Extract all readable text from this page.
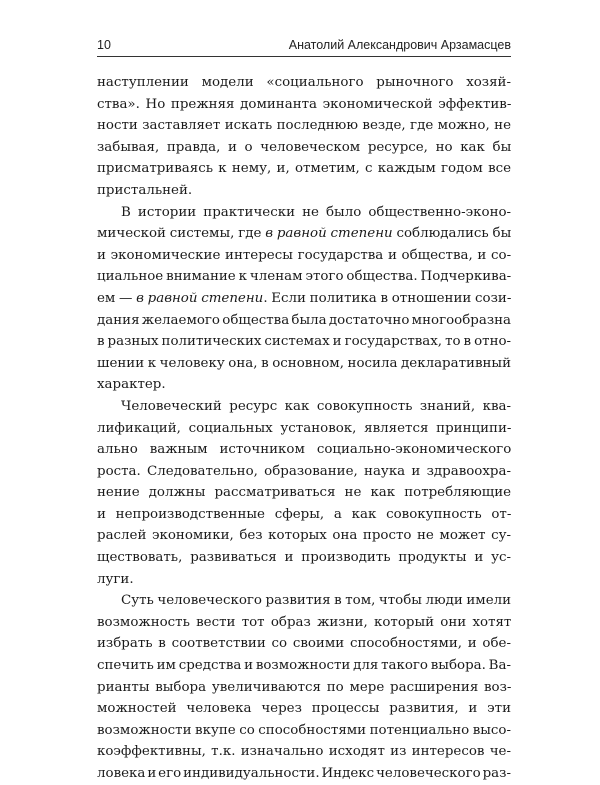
10	Анатолий Александрович Арзамасцев
наступлении модели «социального рыночного хозяй-
ства». Но прежняя доминанта экономической эффектив-
ности заставляет искать последнюю везде, где можно, не
забывая, правда, и о человеческом ресурсе, но как бы
присматриваясь к нему, и, отметим, с каждым годом все
пристальней.
В истории практически не было общественно-эконо-
мической системы, где в равной степени соблюдались бы
и экономические интересы государства и общества, и со-
циальное внимание к членам этого общества. Подчеркива-
ем — в равной степени. Если политика в отношении сози-
дания желаемого общества была достаточно многообразна
в разных политических системах и государствах, то в отно-
шении к человеку она, в основном, носила декларативный
характер.
Человеческий ресурс как совокупность знаний, ква-
лификаций, социальных установок, является принципи-
ально важным источником социально-экономического
роста. Следовательно, образование, наука и здравоохра-
нение должны рассматриваться не как потребляющие
и непроизводственные сферы, а как совокупность от-
раслей экономики, без которых она просто не может су-
ществовать, развиваться и производить продукты и ус-
луги.
Суть человеческого развития в том, чтобы люди имели
возможность вести тот образ жизни, который они хотят
избрать в соответствии со своими способностями, и обе-
спечить им средства и возможности для такого выбора. Ва-
рианты выбора увеличиваются по мере расширения воз-
можностей человека через процессы развития, и эти
возможности вкупе со способностями потенциально высо-
коэффективны, т.к. изначально исходят из интересов че-
ловека и его индивидуальности. Индекс человеческого раз-
